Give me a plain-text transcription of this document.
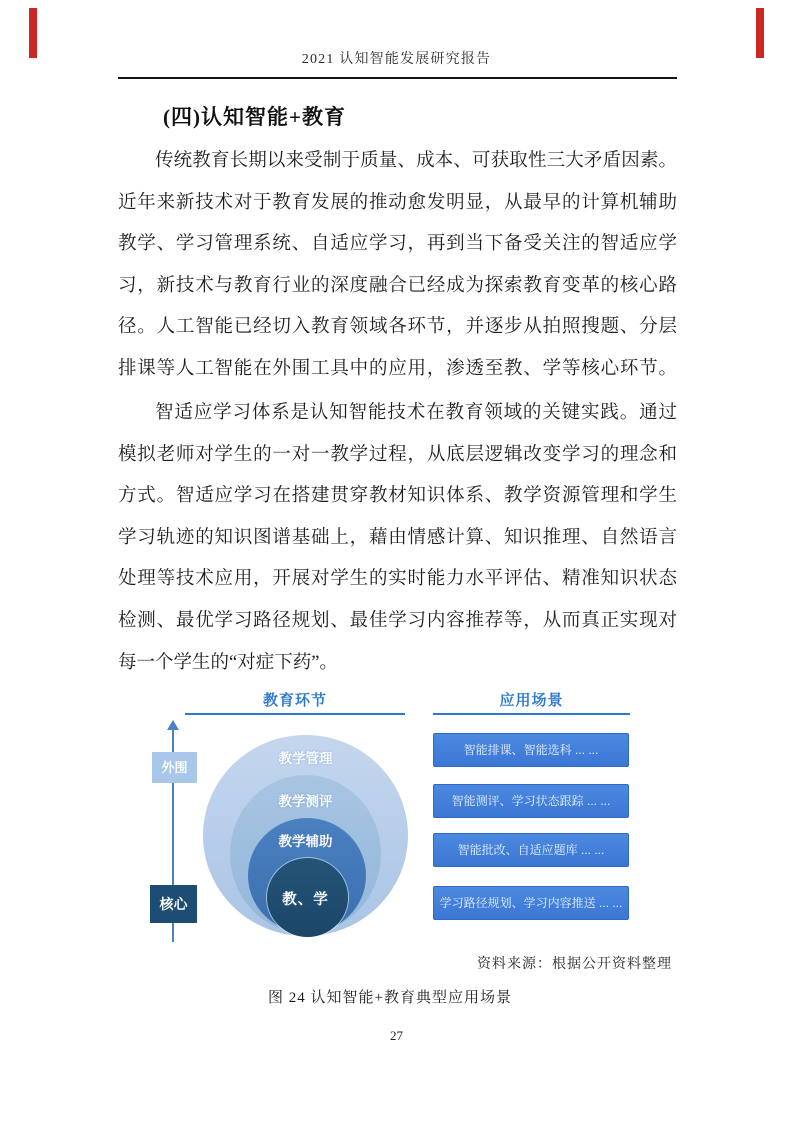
2021 认知智能发展研究报告
(四)认知智能+教育
传统教育长期以来受制于质量、成本、可获取性三大矛盾因素。
近年来新技术对于教育发展的推动愈发明显，从最早的计算机辅助
教学、学习管理系统、自适应学习，再到当下备受关注的智适应学
习，新技术与教育行业的深度融合已经成为探索教育变革的核心路
径。人工智能已经切入教育领域各环节，并逐步从拍照搜题、分层
排课等人工智能在外围工具中的应用，渗透至教、学等核心环节。
智适应学习体系是认知智能技术在教育领域的关键实践。通过
模拟老师对学生的一对一教学过程，从底层逻辑改变学习的理念和
方式。智适应学习在搭建贯穿教材知识体系、教学资源管理和学生
学习轨迹的知识图谱基础上，藉由情感计算、知识推理、自然语言
处理等技术应用，开展对学生的实时能力水平评估、精准知识状态
检测、最优学习路径规划、最佳学习内容推荐等，从而真正实现对
每一个学生的“对症下药”。
教育环节	应用场景
外围
核心
教学管理
教学测评
教学辅助
教、学
智能排课、智能选科 ... ...
智能测评、学习状态跟踪 ... ...
智能批改、自适应题库 ... ...
学习路径规划、学习内容推送 ... ...
资料来源：根据公开资料整理
图 24 认知智能+教育典型应用场景
27
